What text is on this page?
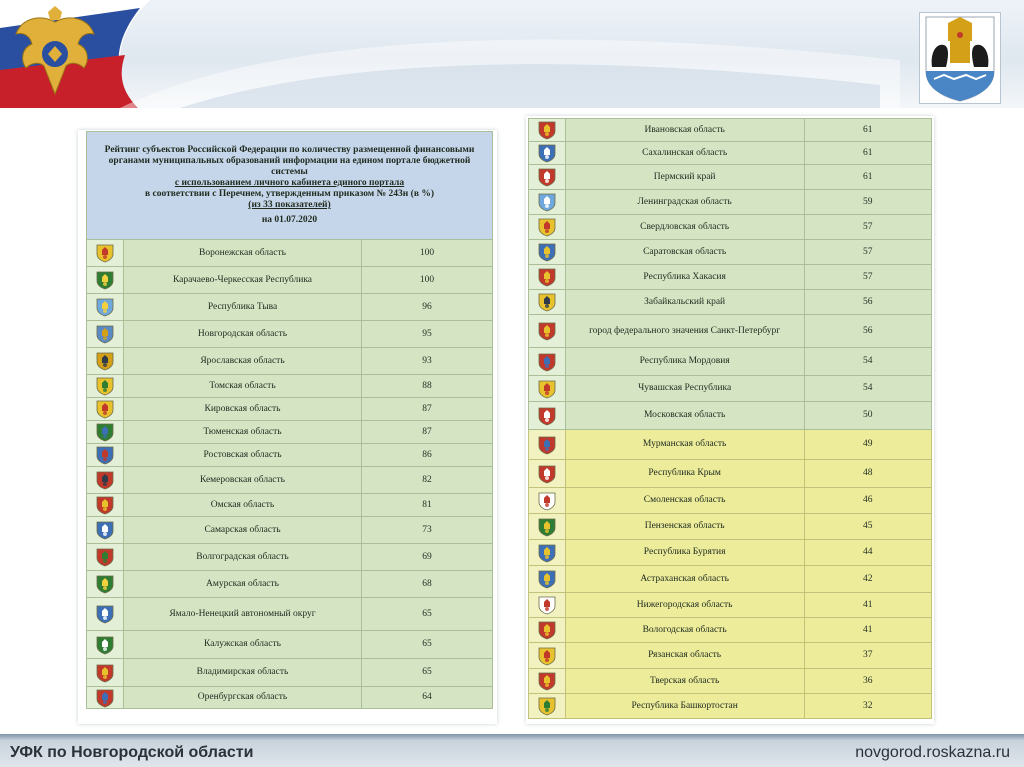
Рейтинг субъектов Российской Федерации по количеству размещенной финансовыми органами муниципальных образований информации на едином портале бюджетной системы
с использованием личного кабинета единого портала
в соответствии с Перечнем, утвержденным приказом № 243н (в %)
(из 33 показателей)
на 01.07.2020		

	Воронежская область	100
	Карачаево-Черкесская Республика	100
	Республика Тыва	96
	Новгородская область	95
	Ярославская область	93
	Томская область	88
	Кировская область	87
	Тюменская область	87
	Ростовская область	86
	Кемеровская область	82
	Омская область	81
	Самарская область	73
	Волгоградская область	69
	Амурская область	68
	Ямало-Ненецкий автономный округ	65
	Калужская область	65
	Владимирская область	65
	Оренбургская область	64
	Ивановская область	61
	Сахалинская область	61
	Пермский край	61
	Ленинградская область	59
	Свердловская область	57
	Саратовская область	57
	Республика Хакасия	57
	Забайкальский край	56
	город федерального значения Санкт-Петербург	56
	Республика Мордовия	54
	Чувашская Республика	54
	Московская область	50
	Мурманская область	49
	Республика Крым	48
	Смоленская область	46
	Пензенская область	45
	Республика Бурятия	44
	Астраханская область	42
	Нижегородская область	41
	Вологодская область	41
	Рязанская область	37
	Тверская область	36
	Республика Башкортостан	32
УФК по Новгородской области	novgorod.roskazna.ru
